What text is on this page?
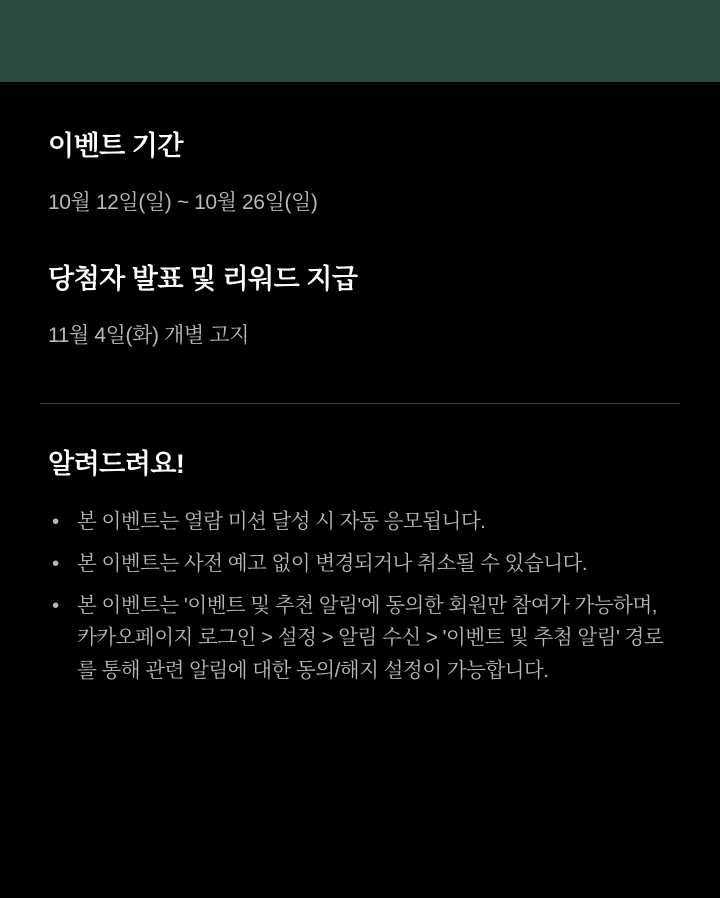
이벤트 기간
10월 12일(일) ~ 10월 26일(일)
당첨자 발표 및 리워드 지급
11월 4일(화) 개별 고지
알려드려요!
• 본 이벤트는 열람 미션 달성 시 자동 응모됩니다.
• 본 이벤트는 사전 예고 없이 변경되거나 취소될 수 있습니다.
• 본 이벤트는 '이벤트 및 추천 알림'에 동의한 회원만 참여가 가능하며, 카카오페이지 로그인 > 설정 > 알림 수신 > '이벤트 및 추첨 알림' 경로를 통해 관련 알림에 대한 동의/해지 설정이 가능합니다.
